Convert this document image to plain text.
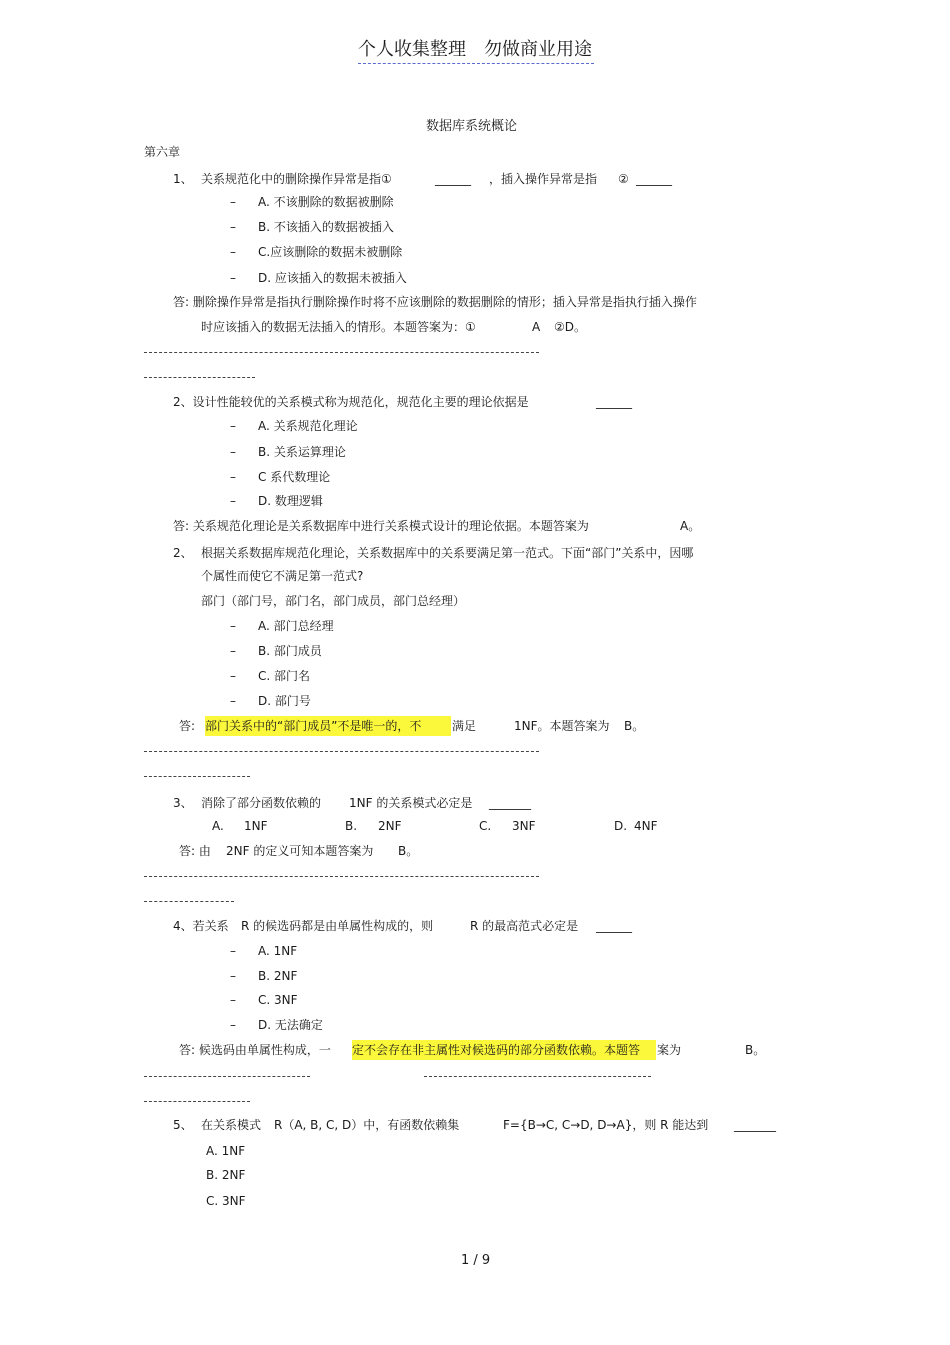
个人收集整理　勿做商业用途
数据库系统概论
第六章
1、 关系规范化中的删除操作异常是指①	______ ，插入操作异常是指 ② ______
– A. 不该删除的数据被删除
– B. 不该插入的数据被插入
– C.应该删除的数据未被删除
– D. 应该插入的数据未被插入
答: 删除操作异常是指执行删除操作时将不应该删除的数据删除的情形；插入异常是指执行插入操作
时应该插入的数据无法插入的情形。本题答案为：①	A ②D。
2、设计性能较优的关系模式称为规范化，规范化主要的理论依据是	______
– A. 关系规范化理论
– B. 关系运算理论
– C 系代数理论
– D. 数理逻辑
答: 关系规范化理论是关系数据库中进行关系模式设计的理论依据。本题答案为	A。
2、 根据关系数据库规范化理论，关系数据库中的关系要满足第一范式。下面“部门”关系中，因哪
个属性而使它不满足第一范式?
部门（部门号，部门名，部门成员，部门总经理）
– A. 部门总经理
– B. 部门成员
– C. 部门名
– D. 部门号
答: 部门关系中的“部门成员”不是唯一的，不	满足	1NF。本题答案为 B。
3、 消除了部分函数依赖的 1NF 的关系模式必定是 _______
A. 1NF	B. 2NF	C. 3NF	D. 4NF
答: 由 2NF 的定义可知本题答案为 B。
4、若关系 R 的候选码都是由单属性构成的，则	R 的最高范式必定是 ______
– A. 1NF
– B. 2NF
– C. 3NF
– D. 无法确定
答: 候选码由单属性构成，一 定不会存在非主属性对候选码的部分函数依赖。本题答	案为	B。
5、 在关系模式 R（A, B, C, D）中，有函数依赖集	F={B→C, C→D, D→A}，则 R 能达到 _______
A. 1NF
B. 2NF
C. 3NF
1 / 9
